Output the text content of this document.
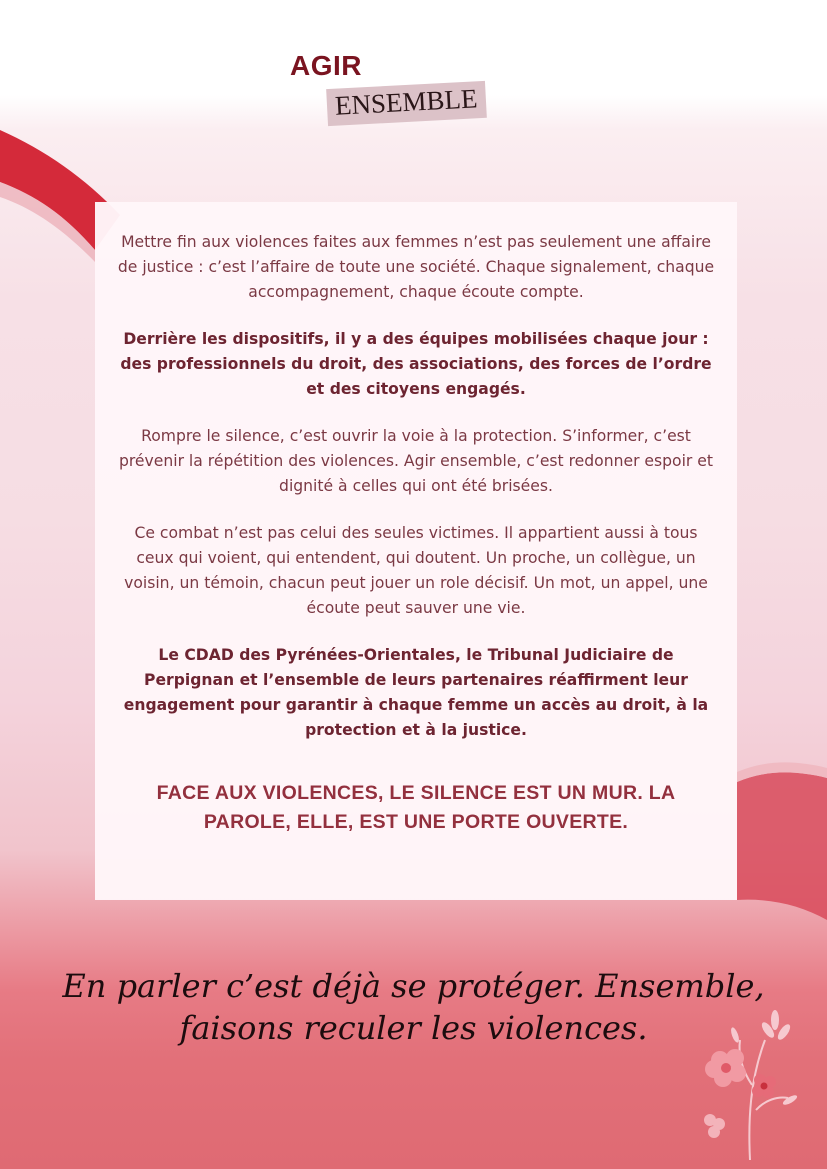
AGIR
ENSEMBLE

Mettre fin aux violences faites aux femmes n’est pas seulement une affaire de justice : c’est l’affaire de toute une société. Chaque signalement, chaque accompagnement, chaque écoute compte.

Derrière les dispositifs, il y a des équipes mobilisées chaque jour : des professionnels du droit, des associations, des forces de l’ordre et des citoyens engagés.

Rompre le silence, c’est ouvrir la voie à la protection. S’informer, c’est prévenir la répétition des violences. Agir ensemble, c’est redonner espoir et dignité à celles qui ont été brisées.

Ce combat n’est pas celui des seules victimes. Il appartient aussi à tous ceux qui voient, qui entendent, qui doutent. Un proche, un collègue, un voisin, un témoin, chacun peut jouer un role décisif. Un mot, un appel, une écoute peut sauver une vie.

Le CDAD des Pyrénées-Orientales, le Tribunal Judiciaire de Perpignan et l’ensemble de leurs partenaires réaffirment leur engagement pour garantir à chaque femme un accès au droit, à la protection et à la justice.

FACE AUX VIOLENCES, LE SILENCE EST UN MUR. LA PAROLE, ELLE, EST UNE PORTE OUVERTE.

En parler c’est déjà se protéger. Ensemble,
faisons reculer les violences.
